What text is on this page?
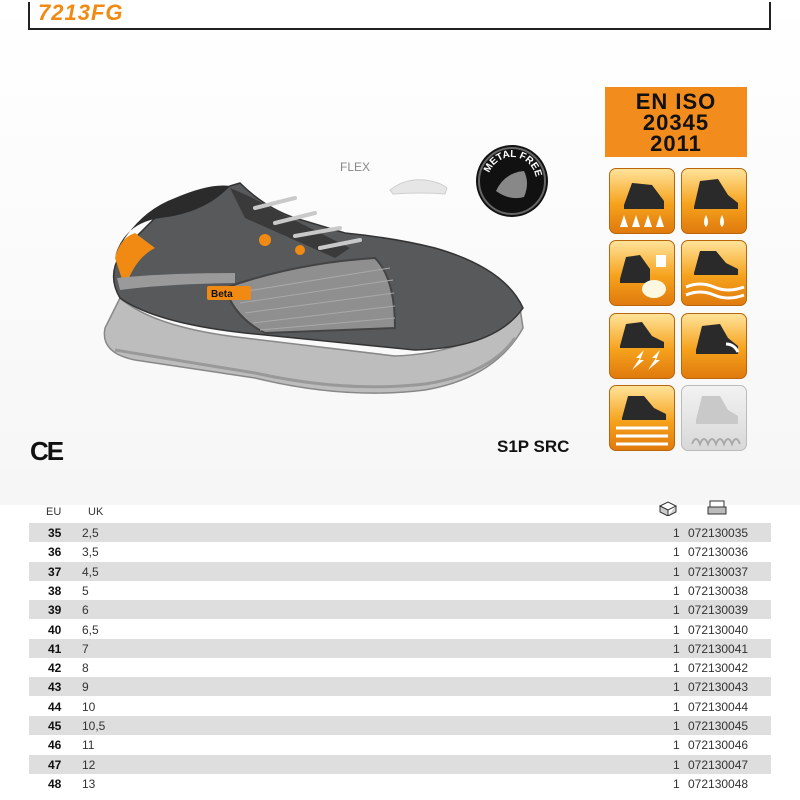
7213FG
Beta
FLEX	METAL FREE
EN ISO
20345
2011
CE	S1P SRC
EU UK
35 2,5	1 072130035
36 3,5	1 072130036
37 4,5	1 072130037
38 5	1 072130038
39 6	1 072130039
40 6,5	1 072130040
41 7	1 072130041
42 8	1 072130042
43 9	1 072130043
44 10	1 072130044
45 10,5	1 072130045
46 11	1 072130046
47 12	1 072130047
48 13	1 072130048
